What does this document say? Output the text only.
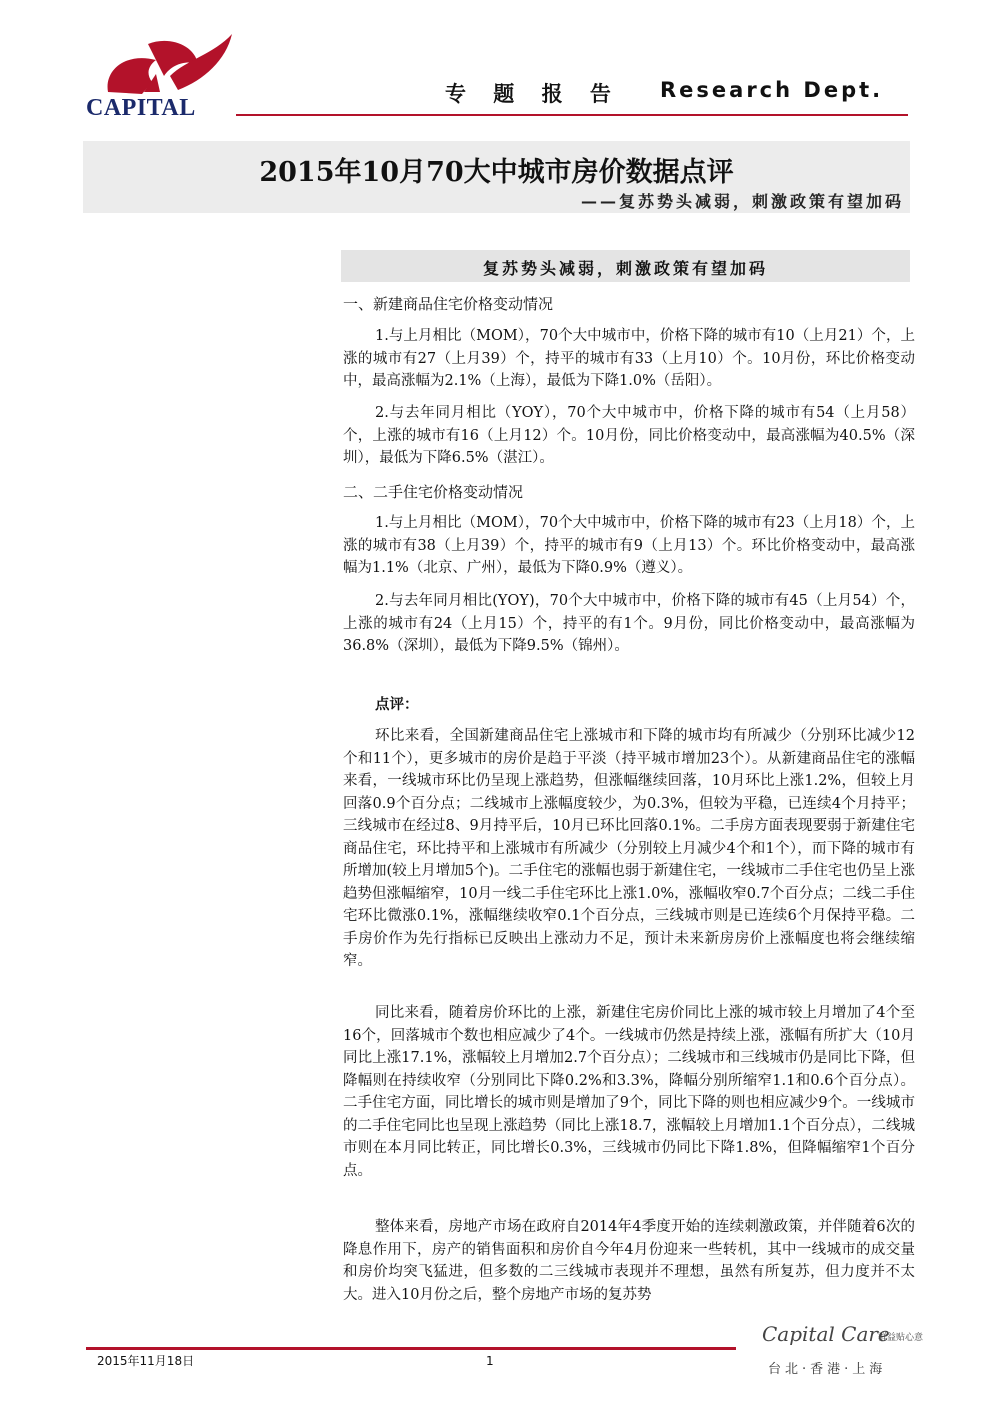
CAPITAL
专 题 报 告 Research Dept.
2015年10月70大中城市房价数据点评
——复苏势头减弱，刺激政策有望加码
复苏势头减弱，刺激政策有望加码

一、新建商品住宅价格变动情况

1.与上月相比（MOM），70个大中城市中，价格下降的城市有10（上月21）个，上涨的城市有27（上月39）个，持平的城市有33（上月10）个。10月份，环比价格变动中，最高涨幅为2.1%（上海），最低为下降1.0%（岳阳）。

2.与去年同月相比（YOY），70个大中城市中，价格下降的城市有54（上月58）个，上涨的城市有16（上月12）个。10月份，同比价格变动中，最高涨幅为40.5%（深圳），最低为下降6.5%（湛江）。

二、二手住宅价格变动情况

1.与上月相比（MOM），70个大中城市中，价格下降的城市有23（上月18）个，上涨的城市有38（上月39）个，持平的城市有9（上月13）个。环比价格变动中，最高涨幅为1.1%（北京、广州），最低为下降0.9%（遵义）。

2.与去年同月相比(YOY)，70个大中城市中，价格下降的城市有45（上月54）个，上涨的城市有24（上月15）个，持平的有1个。9月份，同比价格变动中，最高涨幅为36.8%（深圳），最低为下降9.5%（锦州）。

点评：

环比来看，全国新建商品住宅上涨城市和下降的城市均有所减少（分别环比减少12个和11个），更多城市的房价是趋于平淡（持平城市增加23个）。从新建商品住宅的涨幅来看，一线城市环比仍呈现上涨趋势，但涨幅继续回落，10月环比上涨1.2%，但较上月回落0.9个百分点；二线城市上涨幅度较少，为0.3%，但较为平稳，已连续4个月持平；三线城市在经过8、9月持平后，10月已环比回落0.1%。二手房方面表现要弱于新建住宅商品住宅，环比持平和上涨城市有所减少（分别较上月减少4个和1个），而下降的城市有所增加(较上月增加5个)。二手住宅的涨幅也弱于新建住宅，一线城市二手住宅也仍呈上涨趋势但涨幅缩窄，10月一线二手住宅环比上涨1.0%，涨幅收窄0.7个百分点；二线二手住宅环比微涨0.1%，涨幅继续收窄0.1个百分点，三线城市则是已连续6个月保持平稳。二手房价作为先行指标已反映出上涨动力不足，预计未来新房房价上涨幅度也将会继续缩窄。

同比来看，随着房价环比的上涨，新建住宅房价同比上涨的城市较上月增加了4个至16个，回落城市个数也相应减少了4个。一线城市仍然是持续上涨，涨幅有所扩大（10月同比上涨17.1%，涨幅较上月增加2.7个百分点）；二线城市和三线城市仍是同比下降，但降幅则在持续收窄（分别同比下降0.2%和3.3%，降幅分别所缩窄1.1和0.6个百分点）。二手住宅方面，同比增长的城市则是增加了9个，同比下降的则也相应减少9个。一线城市的二手住宅同比也呈现上涨趋势（同比上涨18.7，涨幅较上月增加1.1个百分点），二线城市则在本月同比转正，同比增长0.3%，三线城市仍同比下降1.8%，但降幅缩窄1个百分点。

整体来看，房地产市场在政府自2014年4季度开始的连续刺激政策，并伴随着6次的降息作用下，房产的销售面积和房价自今年4月份迎来一些转机，其中一线城市的成交量和房价均突飞猛进，但多数的二三线城市表现并不理想，虽然有所复苏，但力度并不太大。进入10月份之后，整个房地产市场的复苏势

2015年11月18日	1
Capital Care
群益贴心意
台北·香港·上海
